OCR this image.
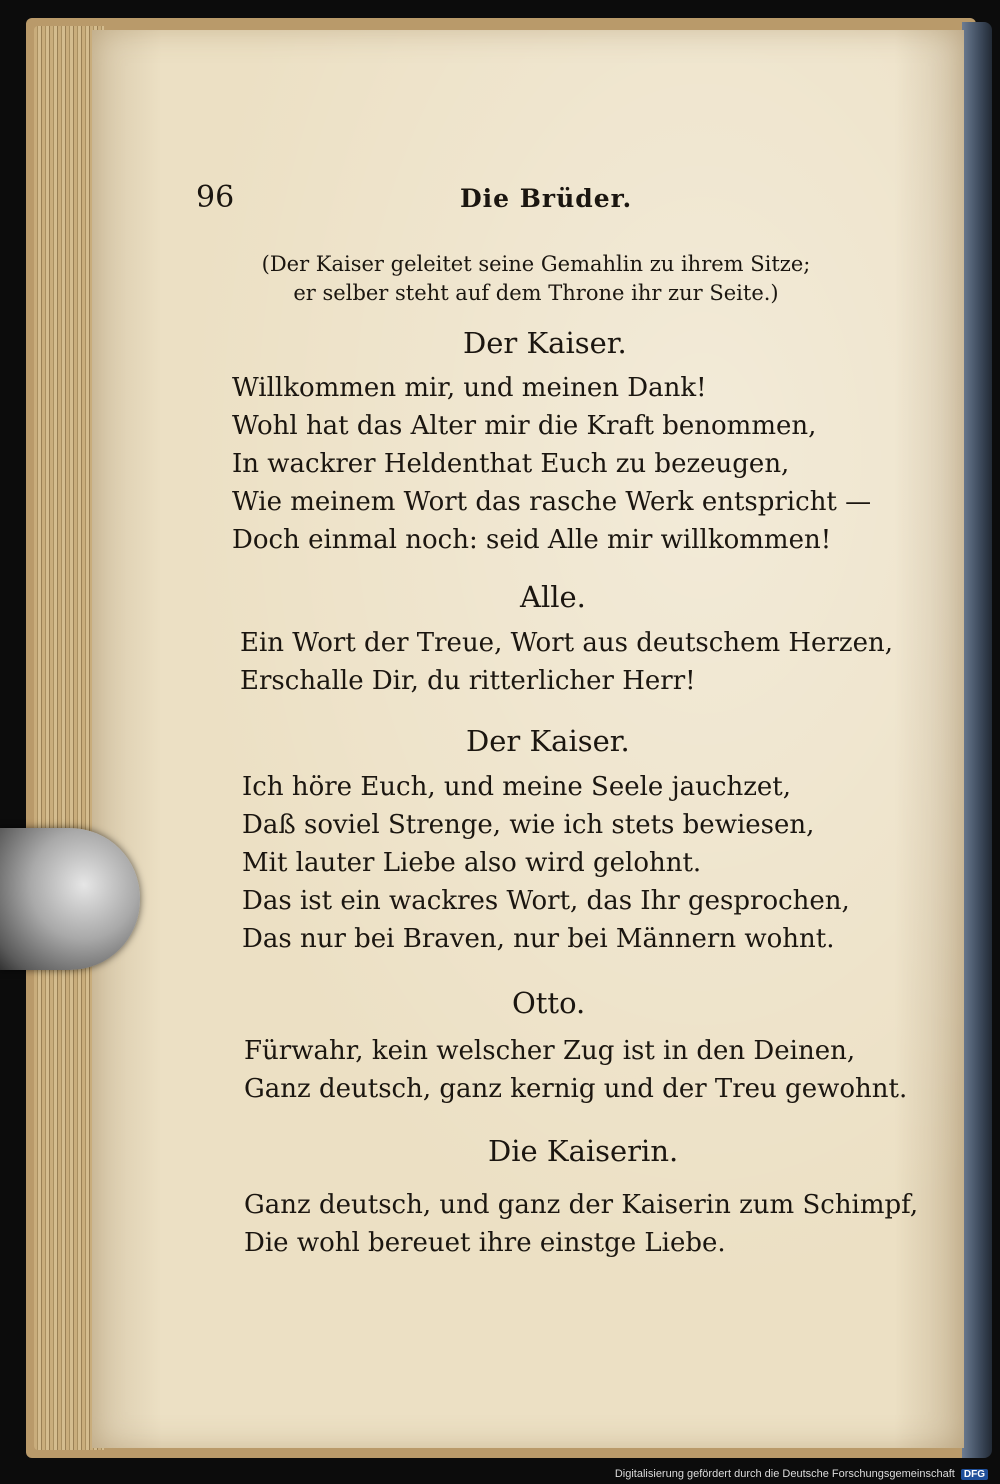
96	Die Brüder.
(Der Kaiser geleitet seine Gemahlin zu ihrem Sitze;
er selber steht auf dem Throne ihr zur Seite.)
Der Kaiser.
Willkommen mir, und meinen Dank!
Wohl hat das Alter mir die Kraft benommen,
In wackrer Heldenthat Euch zu bezeugen,
Wie meinem Wort das rasche Werk entspricht —
Doch einmal noch: seid Alle mir willkommen!
Alle.
Ein Wort der Treue, Wort aus deutschem Herzen,
Erschalle Dir, du ritterlicher Herr!
Der Kaiser.
Ich höre Euch, und meine Seele jauchzet,
Daß soviel Strenge, wie ich stets bewiesen,
Mit lauter Liebe also wird gelohnt.
Das ist ein wackres Wort, das Ihr gesprochen,
Das nur bei Braven, nur bei Männern wohnt.
Otto.
Fürwahr, kein welscher Zug ist in den Deinen,
Ganz deutsch, ganz kernig und der Treu gewohnt.
Die Kaiserin.
Ganz deutsch, und ganz der Kaiserin zum Schimpf,
Die wohl bereuet ihre einstge Liebe.
Digitalisierung gefördert durch die Deutsche Forschungsgemeinschaft DFG
